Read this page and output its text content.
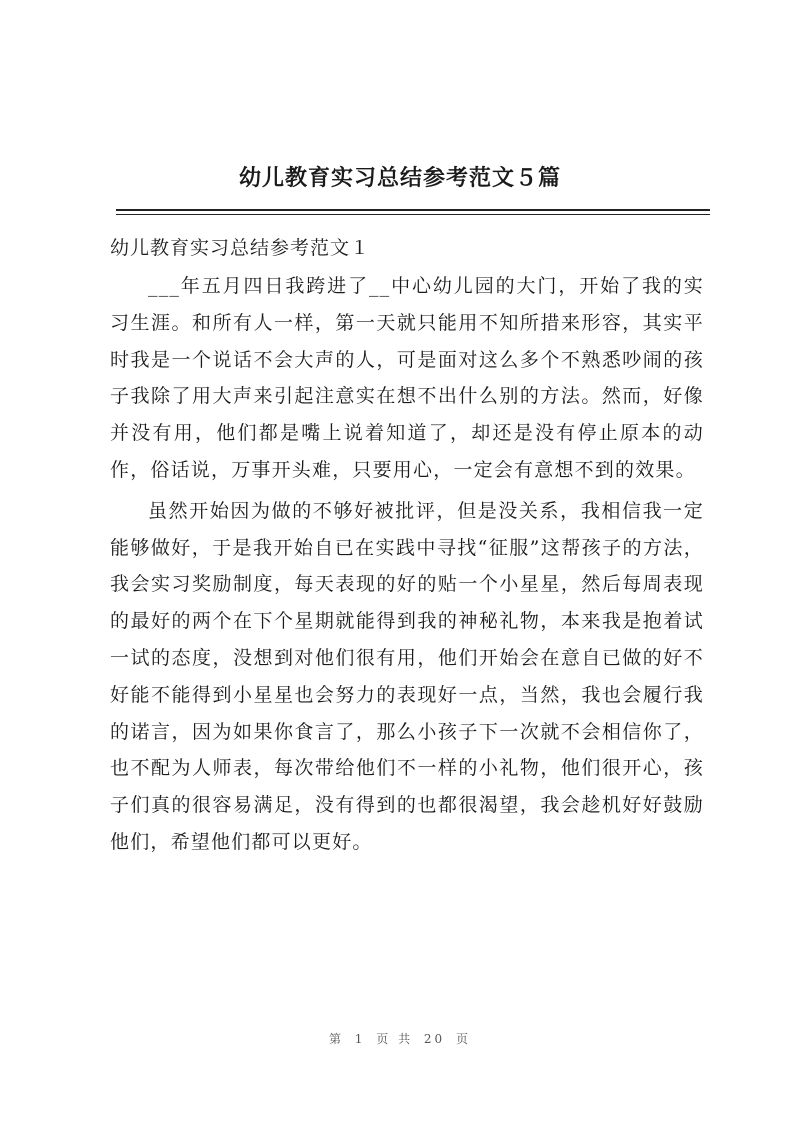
幼儿教育实习总结参考范文５篇
幼儿教育实习总结参考范文１

___年五月四日我跨进了__中心幼儿园的大门，开始了我的实习生涯。和所有人一样，第一天就只能用不知所措来形容，其实平时我是一个说话不会大声的人，可是面对这么多个不熟悉吵闹的孩子我除了用大声来引起注意实在想不出什么别的方法。然而，好像并没有用，他们都是嘴上说着知道了，却还是没有停止原本的动作，俗话说，万事开头难，只要用心，一定会有意想不到的效果。

虽然开始因为做的不够好被批评，但是没关系，我相信我一定能够做好，于是我开始自已在实践中寻找“征服”这帮孩子的方法，我会实习奖励制度，每天表现的好的贴一个小星星，然后每周表现的最好的两个在下个星期就能得到我的神秘礼物，本来我是抱着试一试的态度，没想到对他们很有用，他们开始会在意自已做的好不好能不能得到小星星也会努力的表现好一点，当然，我也会履行我的诺言，因为如果你食言了，那么小孩子下一次就不会相信你了，也不配为人师表，每次带给他们不一样的小礼物，他们很开心，孩子们真的很容易满足，没有得到的也都很渴望，我会趁机好好鼓励他们，希望他们都可以更好。

第 1 页 共 20 页
